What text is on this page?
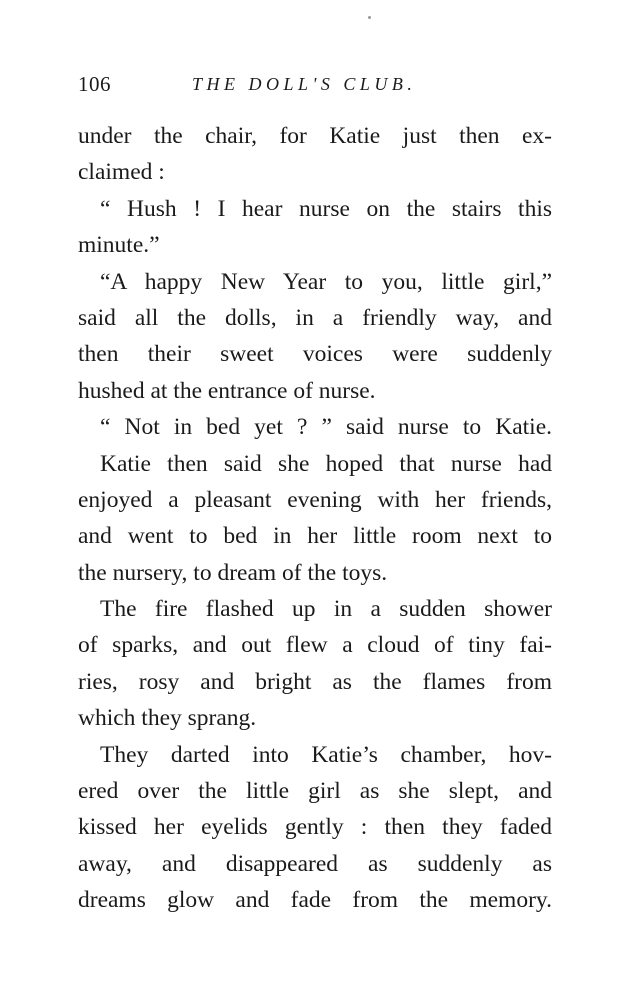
106	THE DOLL'S CLUB.
under the chair, for Katie just then ex-
claimed :
“ Hush ! I hear nurse on the stairs this
minute.”
“A happy New Year to you, little girl,”
said all the dolls, in a friendly way, and
then their sweet voices were suddenly
hushed at the entrance of nurse.
“ Not in bed yet ? ” said nurse to Katie.
Katie then said she hoped that nurse had
enjoyed a pleasant evening with her friends,
and went to bed in her little room next to
the nursery, to dream of the toys.
The fire flashed up in a sudden shower
of sparks, and out flew a cloud of tiny fai-
ries, rosy and bright as the flames from
which they sprang.
They darted into Katie’s chamber, hov-
ered over the little girl as she slept, and
kissed her eyelids gently : then they faded
away, and disappeared as suddenly as
dreams glow and fade from the memory.
